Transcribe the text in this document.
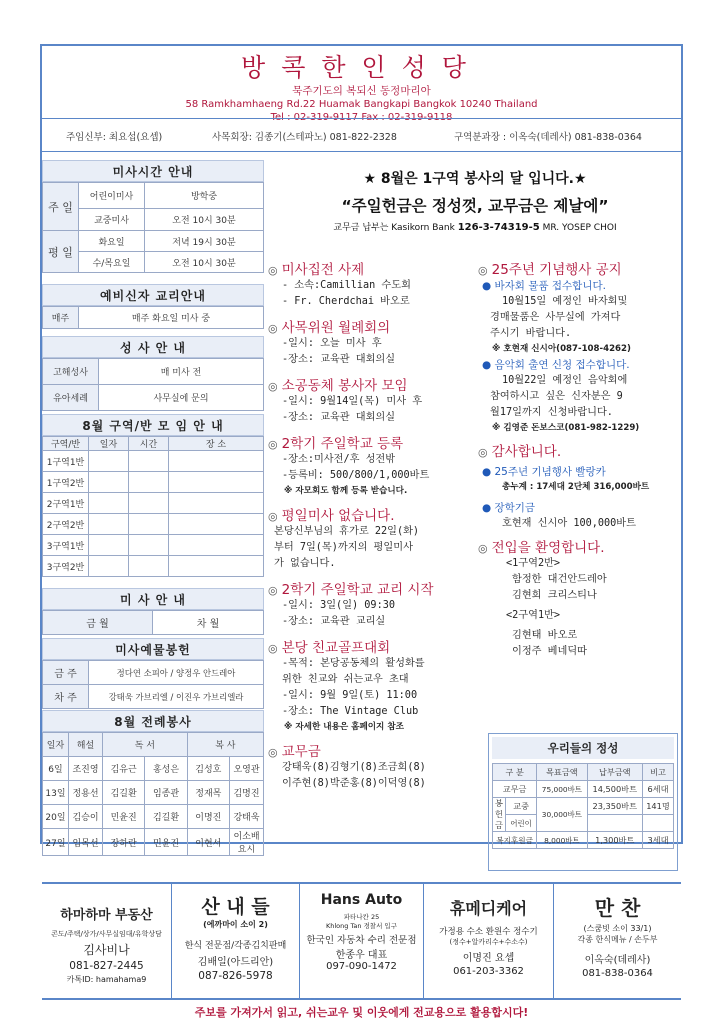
방콕한인성당
묵주기도의 복되신 동정마리아
58 Ramkhamhaeng Rd.22 Huamak Bangkapi Bangkok 10240 Thailand
Tel : 02-319-9117 Fax : 02-319-9118
주임신부: 최요섭(요셉)	사목회장: 김종기(스테파노) 081-822-2328	구역분과장 : 이옥숙(데레사) 081-838-0364
미사시간 안내
주 일	어린이미사	방학중
	교중미사	오전 10시 30분
평 일	화요일	저녁 19시 30분
	수/목요일	오전 10시 30분
예비신자 교리안내
매주	매주 화요일 미사 중
성 사 안 내
고해성사	매 미사 전
유아세례	사무실에 문의
8월 구역/반 모 임 안 내
구역/반	일자	시간	장 소
1구역1반			
1구역2반			
2구역1반			
2구역2반			
3구역1반			
3구역2반			
미 사 안 내
금 월	차 월
미사예물봉헌
금 주	정다연 소피아 / 양정우 안드레아
차 주	강태욱 가브리엘 / 이진우 가브리엘라
8월 전례봉사
일자	해설	독 서		복 사	
6일	조진영	김유근	홍성은	김성호	오영관
13일	정용선	김길환	임종관	정재목	김명진
20일	김승이	민윤진	김길환	이명진	강태욱
27일	임목선	장하란	민윤진	이현서	이소배 요시
★ 8월은 1구역 봉사의 달 입니다.★
“주일헌금은 정성껏, 교무금은 제날에”
교무금 납부는 Kasikorn Bank 126-3-74319-5 MR. YOSEP CHOI
◎ 미사집전 사제
- 소속:Camillian 수도회
- Fr. Cherdchai 바오로
◎ 사목위원 월례회의
-일시: 오늘 미사 후
-장소: 교육관 대회의실
◎ 소공동체 봉사자 모임
-일시: 9월14일(목) 미사 후
-장소: 교육관 대회의실
◎ 2학기 주일학교 등록
-장소:미사전/후 성전밖
-등록비: 500/800/1,000바트
※ 자모회도 함께 등록 받습니다.
◎ 평일미사 없습니다.
본당신부님의 휴가로 22일(화)
부터 7일(목)까지의 평일미사
가 없습니다.
◎ 2학기 주일학교 교리 시작
-일시: 3일(일) 09:30
-장소: 교육관 교리실
◎ 본당 친교골프대회
-목적: 본당공동체의 활성화를
위한 친교와 쉬는교우 초대
-일시: 9월 9일(토) 11:00
-장소: The Vintage Club
※ 자세한 내용은 홈페이지 참조
◎ 교무금
강태욱(8)김형기(8)조금희(8)
이주현(8)박준홍(8)이덕영(8)
◎ 25주년 기념행사 공지
● 바자회 물품 접수합니다.
10월15일 예정인 바자회및
경매물품은 사무실에 가져다
주시기 바랍니다.
※ 호현재 신시아(087-108-4262)
● 음악회 출연 신청 접수합니다.
10월22일 예정인 음악회에
참여하시고 싶은 신자분은 9
월17일까지 신청바랍니다.
※ 김영준 돈보스코(081-982-1229)
◎ 감사합니다.
● 25주년 기념행사 빨랑카
총누계 : 17세대 2단체 316,000바트
● 장학기금
호현재 신시아 100,000바트
◎ 전입을 환영합니다.
<1구역2반>
함정한 대건안드레아
김현희 크리스티나
<2구역1반>
김현태 바오로
이정주 베네딕따
우리들의 정성
구 분		목표금액	납부금액	비고
교무금		75,000바트	14,500바트	6세대
봉헌금	교중	30,000바트	23,350바트	141명
	어린이			
복지후원금		8,000바트	1,300바트	3세대
하마하마 부동산
콘도/주택/상가/사무실임대/유학상담
김사비나
081-827-2445
카톡ID: hamahama9
산 내 들
(에까마이 소이 2)
한식 전문점/각종김치판매
김배일(아드리안)
087-826-5978
Hans Auto
파타나칸 25
Khlong Tan 경찰서 입구
한국인 자동차 수리 전문점
한종우 대표
097-090-1472
휴메디케어
가정용 수소 환원수 정수기
(정수+알카리수+수소수)
이명진 요셉
061-203-3362
만 찬
(스쿰빗 소이 33/1)
각종 한식메뉴 / 손두부
이옥숙(데레사)
081-838-0364
주보를 가져가서 읽고, 쉬는교우 및 이웃에게 전교용으로 활용합시다!
